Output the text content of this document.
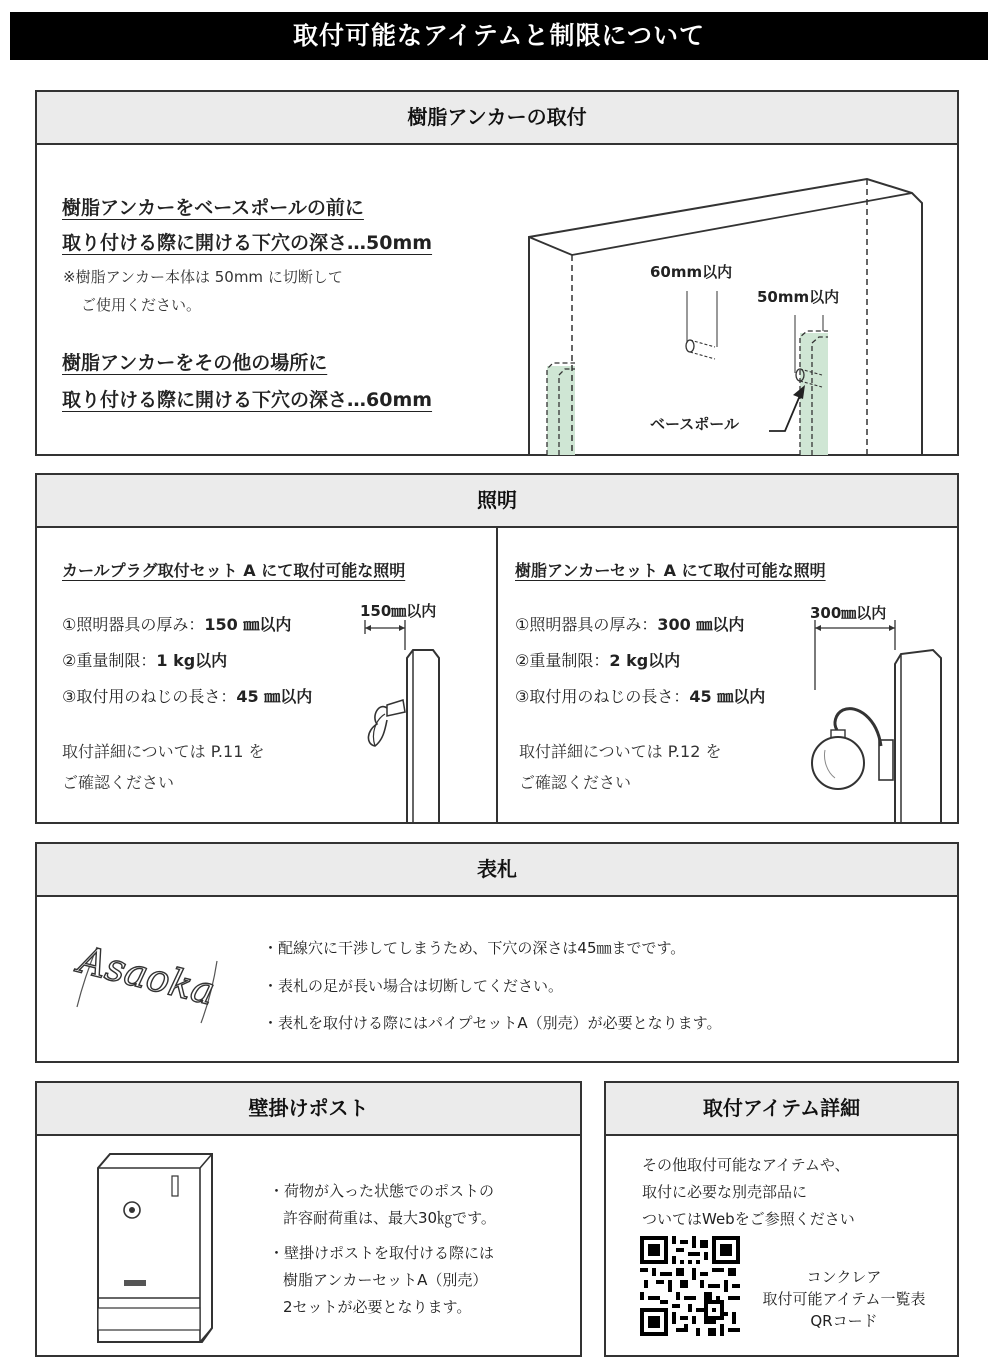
取付可能なアイテムと制限について
樹脂アンカーの取付
樹脂アンカーをベースポールの前に
取り付ける際に開ける下穴の深さ…50mm
※樹脂アンカー本体は 50mm に切断して
ご使用ください。
樹脂アンカーをその他の場所に
取り付ける際に開ける下穴の深さ…60mm
60mm以内
50mm以内
ベースポール
照明
カールプラグ取付セット A にて取付可能な照明
①照明器具の厚み：150 ㎜以内
②重量制限：1 kg以内
③取付用のねじの長さ：45 ㎜以内
取付詳細については P.11 を
ご確認ください
150㎜以内
樹脂アンカーセット A にて取付可能な照明
①照明器具の厚み：300 ㎜以内
②重量制限：2 kg以内
③取付用のねじの長さ：45 ㎜以内
取付詳細については P.12 を
ご確認ください
300㎜以内
表札
Asaoka	・配線穴に干渉してしまうため、下穴の深さは45㎜までです。
・表札の足が長い場合は切断してください。
・表札を取付ける際にはパイプセットA（別売）が必要となります。
壁掛けポスト
・荷物が入った状態でのポストの
許容耐荷重は、最大30㎏です。
・壁掛けポストを取付ける際には
樹脂アンカーセットA（別売）
2セットが必要となります。
取付アイテム詳細
その他取付可能なアイテムや、
取付に必要な別売部品に
ついてはWebをご参照ください
コンクレア
取付可能アイテム一覧表
QRコード
